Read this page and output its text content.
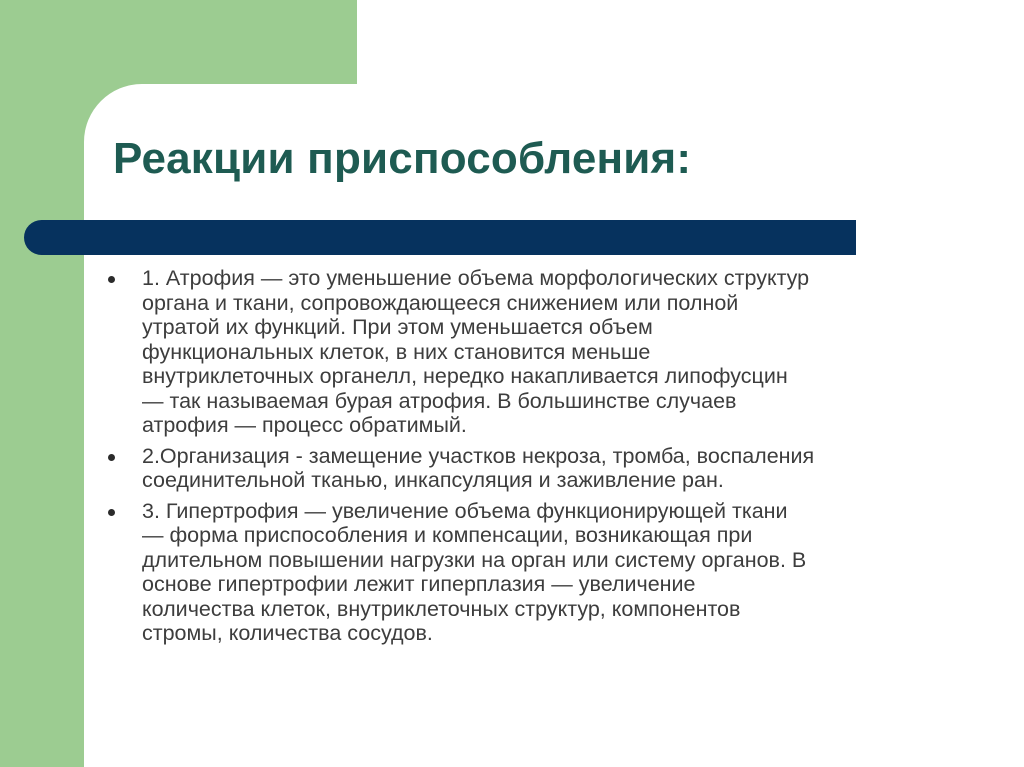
Реакции приспособления:
1. Атрофия — это уменьшение объема морфологических структур
органа и ткани, сопровождающееся снижением или полной
утратой их функций. При этом уменьшается объем
функциональных клеток, в них становится меньше
внутриклеточных органелл, нередко накапливается липофусцин
— так называемая бурая атрофия. В большинстве случаев
атрофия — процесс обратимый.
2.Организация - замещение участков некроза, тромба, воспаления
соединительной тканью, инкапсуляция и заживление ран.
3. Гипертрофия — увеличение объема функционирующей ткани
— форма приспособления и компенсации, возникающая при
длительном повышении нагрузки на орган или систему органов. В
основе гипертрофии лежит гиперплазия — увеличение
количества клеток, внутриклеточных структур, компонентов
стромы, количества сосудов.
